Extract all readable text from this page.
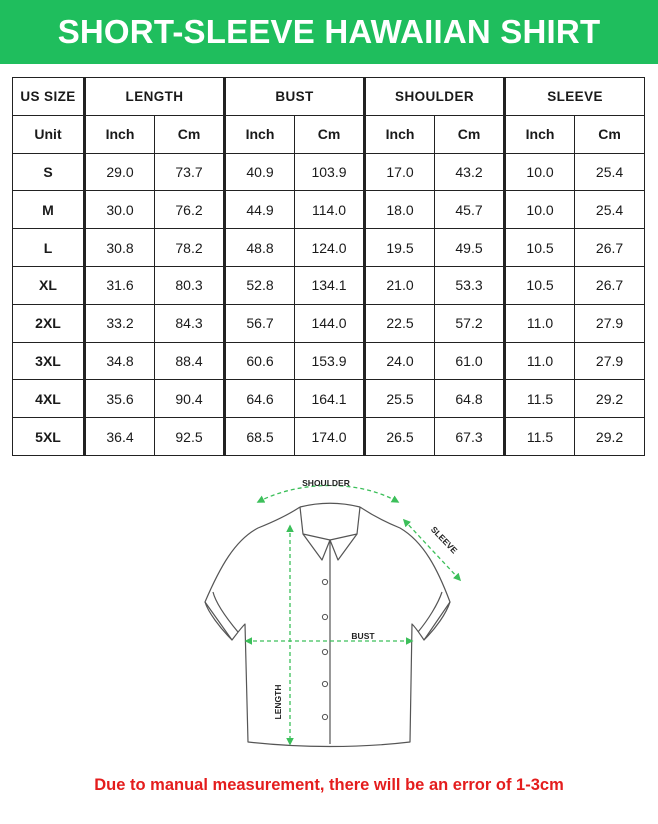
SHORT-SLEEVE HAWAIIAN SHIRT
US SIZE	LENGTH		BUST		SHOULDER		SLEEVE	
Unit	Inch	Cm	Inch	Cm	Inch	Cm	Inch	Cm
S	29.0	73.7	40.9	103.9	17.0	43.2	10.0	25.4
M	30.0	76.2	44.9	114.0	18.0	45.7	10.0	25.4
L	30.8	78.2	48.8	124.0	19.5	49.5	10.5	26.7
XL	31.6	80.3	52.8	134.1	21.0	53.3	10.5	26.7
2XL	33.2	84.3	56.7	144.0	22.5	57.2	11.0	27.9
3XL	34.8	88.4	60.6	153.9	24.0	61.0	11.0	27.9
4XL	35.6	90.4	64.6	164.1	25.5	64.8	11.5	29.2
5XL	36.4	92.5	68.5	174.0	26.5	67.3	11.5	29.2
SHOULDER
SLEEVE
BUST
LENGTH
Due to manual measurement, there will be an error of 1-3cm
